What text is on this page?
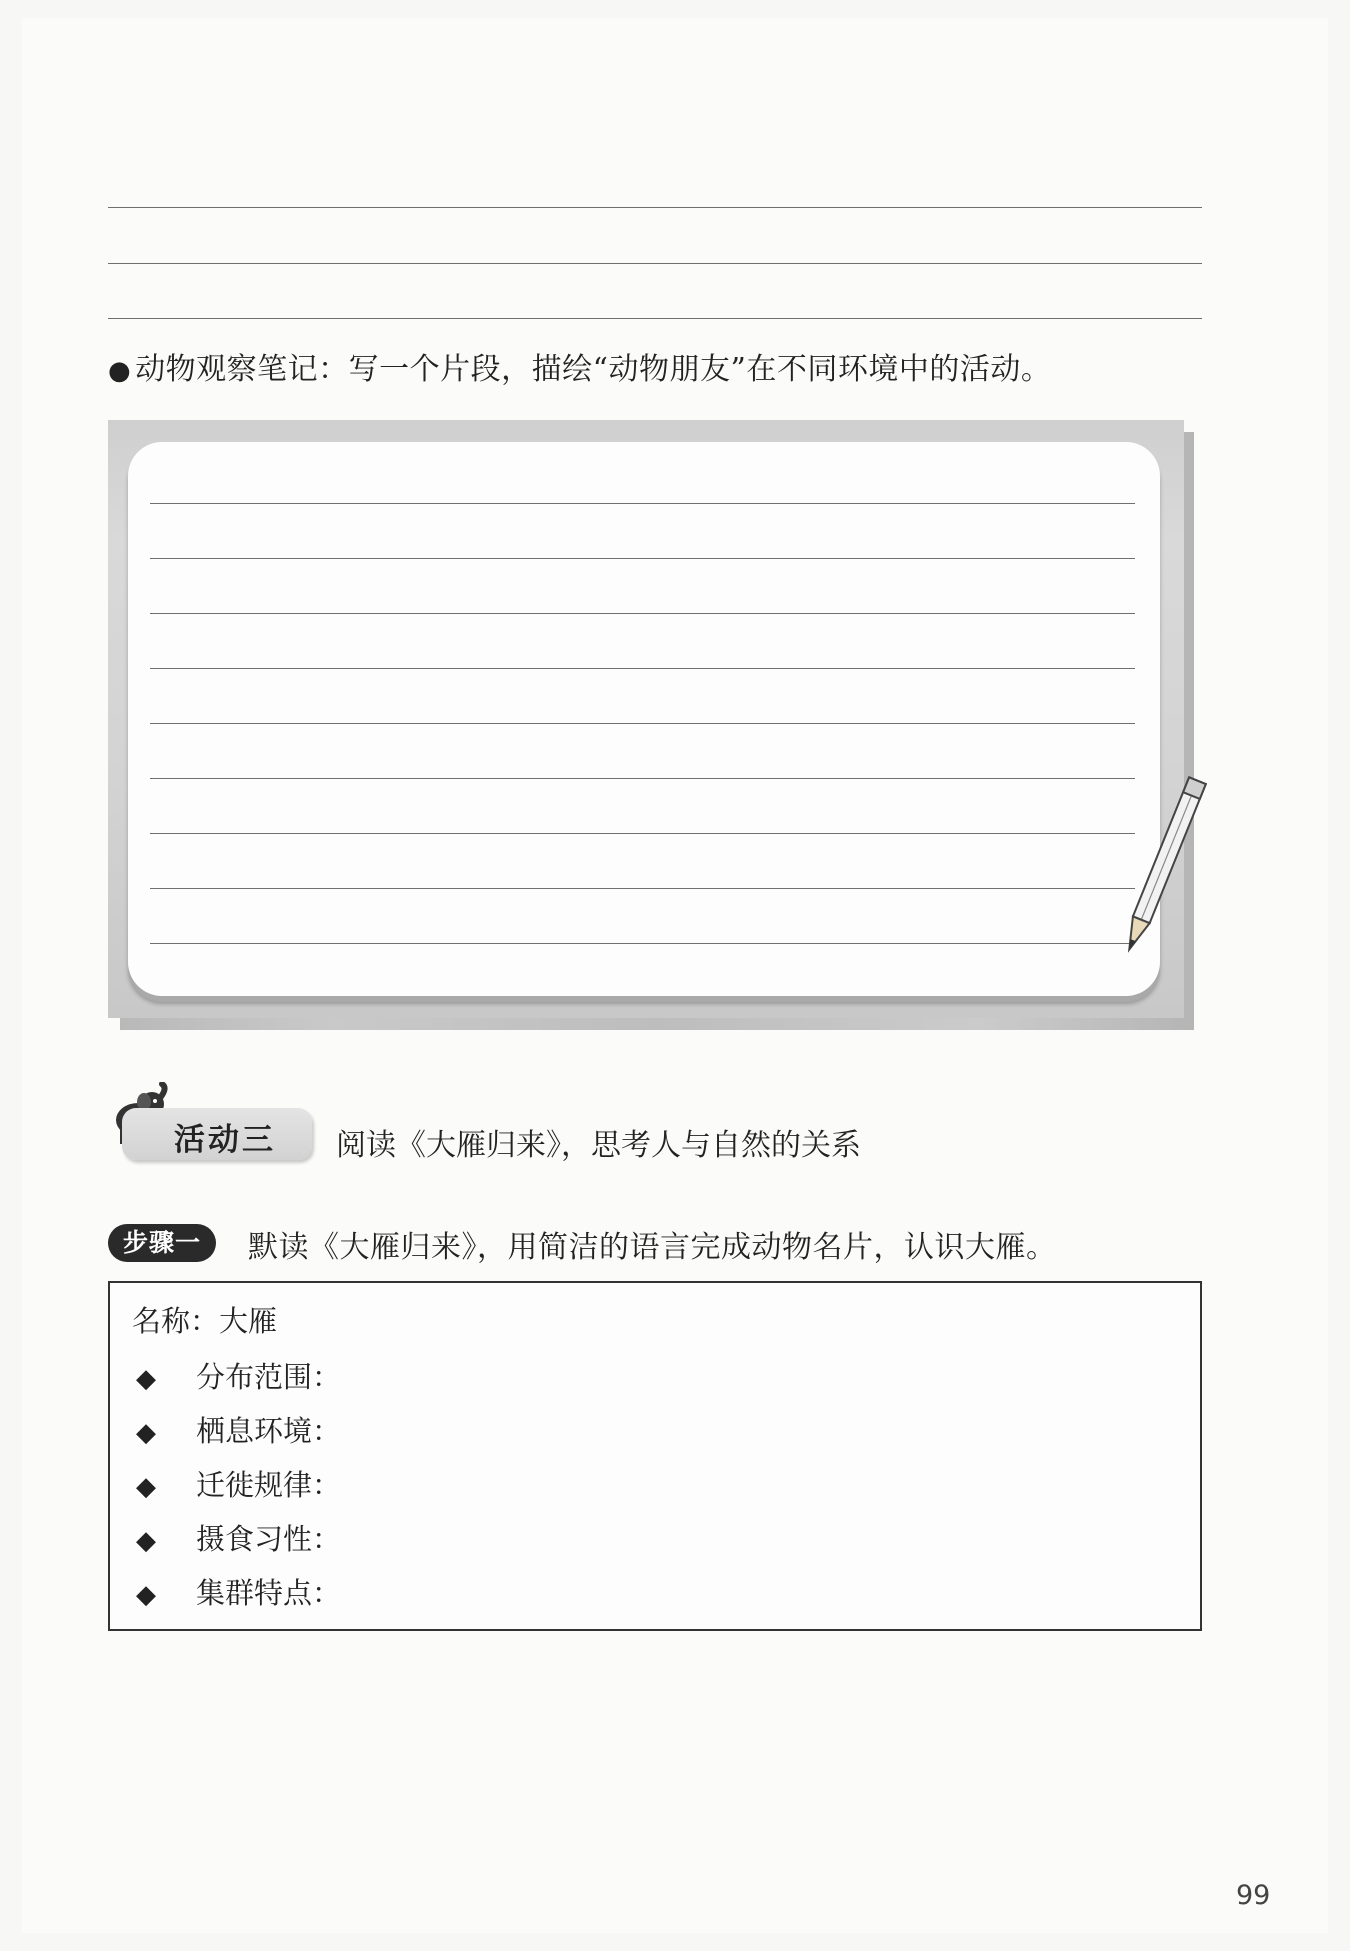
● 动物观察笔记：写一个片段，描绘“动物朋友”在不同环境中的活动。
活动三 阅读《大雁归来》，思考人与自然的关系
步骤一	默读《大雁归来》，用简洁的语言完成动物名片，认识大雁。
名称：大雁
◆ 分布范围：
◆ 栖息环境：
◆ 迁徙规律：
◆ 摄食习性：
◆ 集群特点：
99
